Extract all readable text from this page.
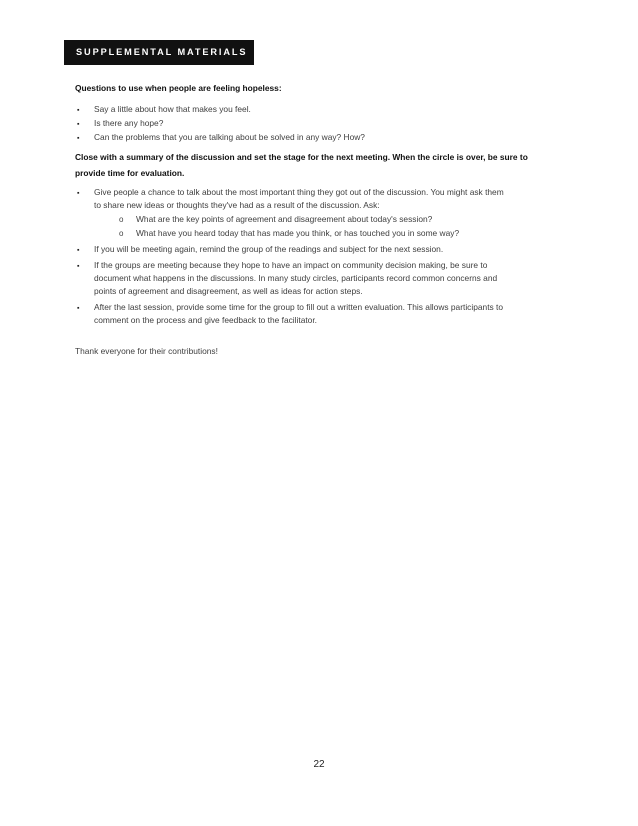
SUPPLEMENTAL MATERIALS
Questions to use when people are feeling hopeless:
▪ Say a little about how that makes you feel.
▪ Is there any hope?
▪ Can the problems that you are talking about be solved in any way? How?
Close with a summary of the discussion and set the stage for the next meeting. When the circle is over, be sure to
provide time for evaluation.
▪ Give people a chance to talk about the most important thing they got out of the discussion. You might ask them
to share new ideas or thoughts they've had as a result of the discussion. Ask:
o What are the key points of agreement and disagreement about today's session?
o What have you heard today that has made you think, or has touched you in some way?
▪ If you will be meeting again, remind the group of the readings and subject for the next session.
▪ If the groups are meeting because they hope to have an impact on community decision making, be sure to
document what happens in the discussions. In many study circles, participants record common concerns and
points of agreement and disagreement, as well as ideas for action steps.
▪ After the last session, provide some time for the group to fill out a written evaluation. This allows participants to
comment on the process and give feedback to the facilitator.
Thank everyone for their contributions!
22
